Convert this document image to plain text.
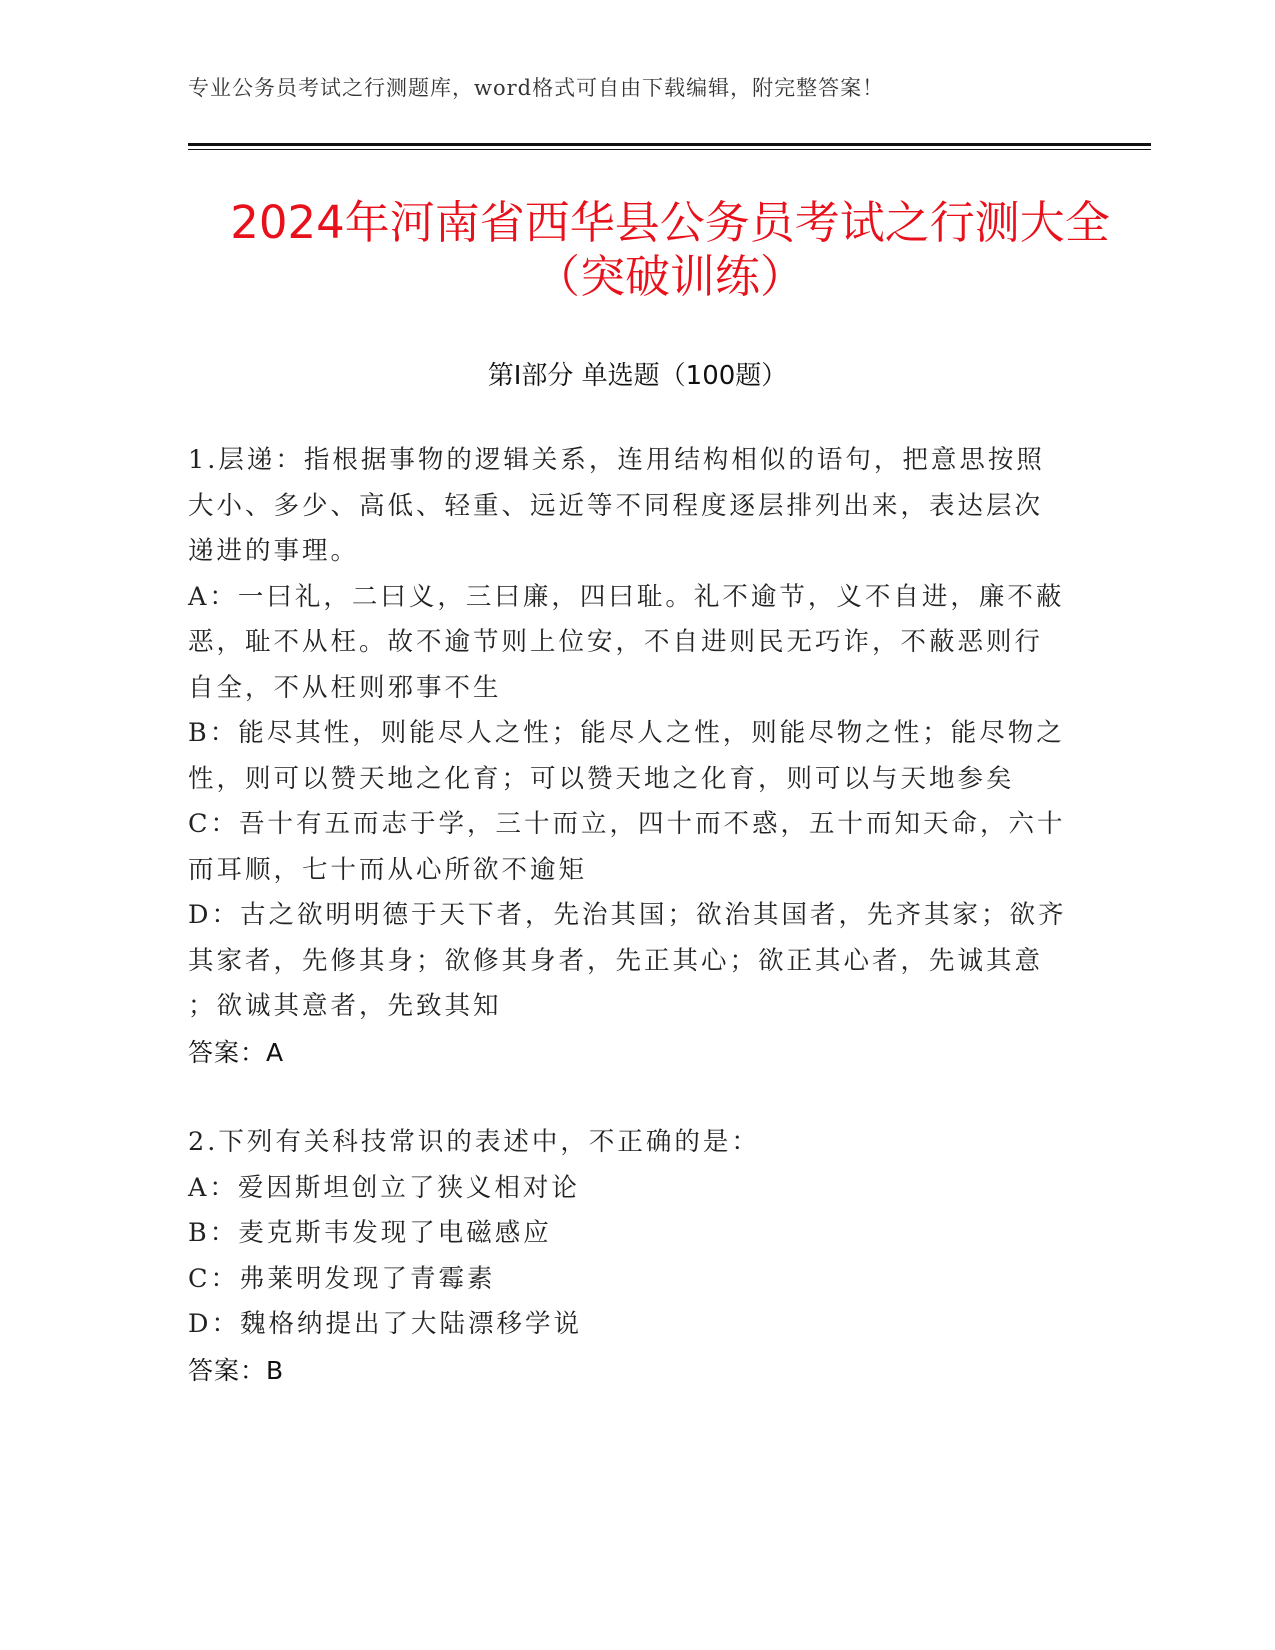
专业公务员考试之行测题库，word格式可自由下载编辑，附完整答案！
2024年河南省西华县公务员考试之行测大全
（突破训练）
第Ⅰ部分 单选题（100题）
1.层递：指根据事物的逻辑关系，连用结构相似的语句，把意思按照
大小、多少、高低、轻重、远近等不同程度逐层排列出来，表达层次
递进的事理。
A：一曰礼，二曰义，三曰廉，四曰耻。礼不逾节，义不自进，廉不蔽
恶，耻不从枉。故不逾节则上位安，不自进则民无巧诈，不蔽恶则行
自全，不从枉则邪事不生
B：能尽其性，则能尽人之性；能尽人之性，则能尽物之性；能尽物之
性，则可以赞天地之化育；可以赞天地之化育，则可以与天地参矣
C：吾十有五而志于学，三十而立，四十而不惑，五十而知天命，六十
而耳顺，七十而从心所欲不逾矩
D：古之欲明明德于天下者，先治其国；欲治其国者，先齐其家；欲齐
其家者，先修其身；欲修其身者，先正其心；欲正其心者，先诚其意
；欲诚其意者，先致其知
答案：A
2.下列有关科技常识的表述中，不正确的是：
A：爱因斯坦创立了狭义相对论
B：麦克斯韦发现了电磁感应
C：弗莱明发现了青霉素
D：魏格纳提出了大陆漂移学说
答案：B
